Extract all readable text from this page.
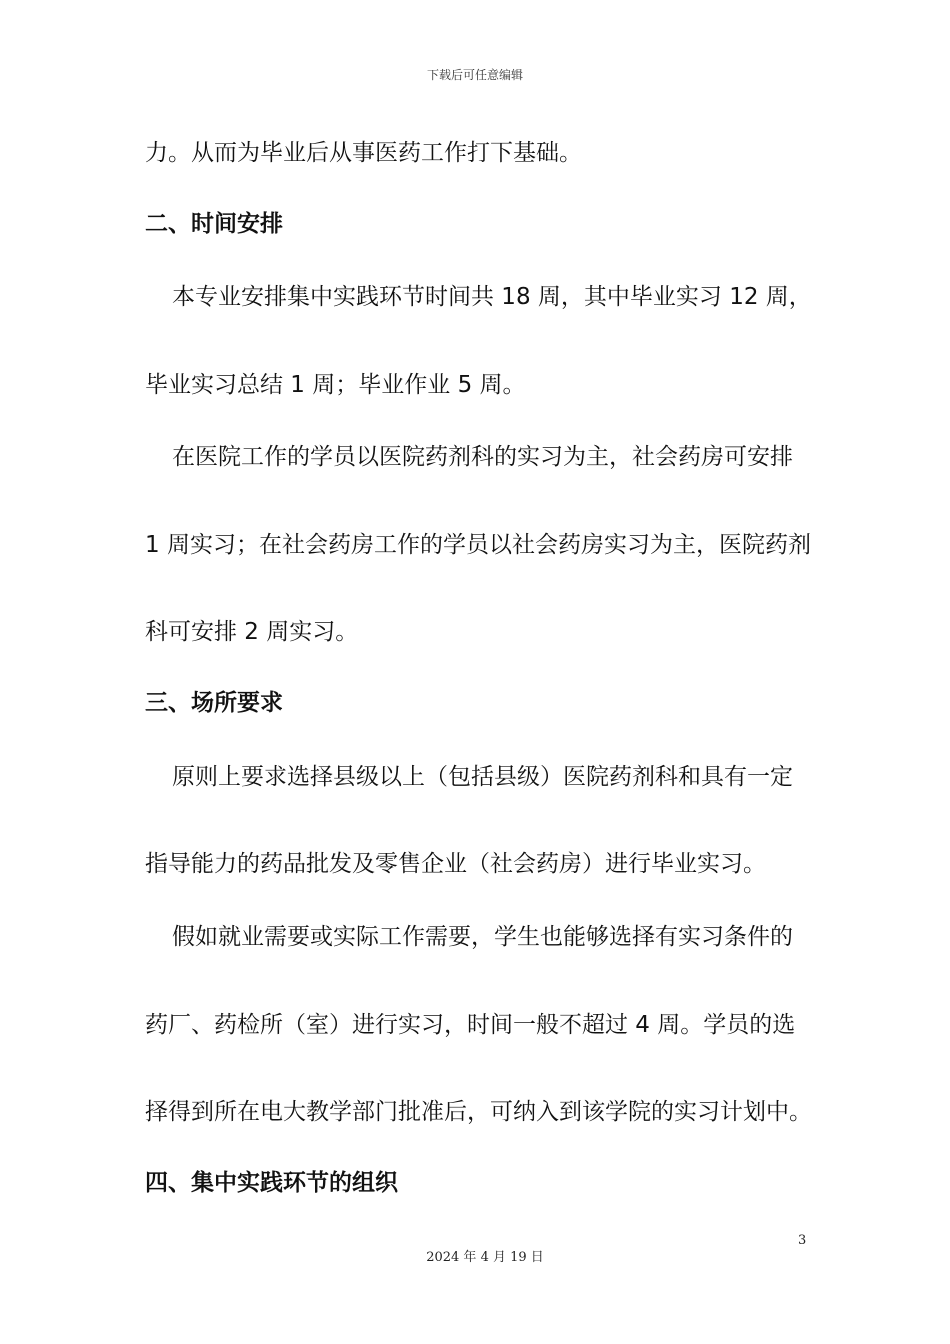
下载后可任意编辑
力。从而为毕业后从事医药工作打下基础。
二、时间安排
本专业安排集中实践环节时间共 18 周，其中毕业实习 12 周，
毕业实习总结 1 周；毕业作业 5 周。
在医院工作的学员以医院药剂科的实习为主，社会药房可安排
1 周实习；在社会药房工作的学员以社会药房实习为主，医院药剂
科可安排 2 周实习。
三、场所要求
原则上要求选择县级以上（包括县级）医院药剂科和具有一定
指导能力的药品批发及零售企业（社会药房）进行毕业实习。
假如就业需要或实际工作需要，学生也能够选择有实习条件的
药厂、药检所（室）进行实习，时间一般不超过 4 周。学员的选
择得到所在电大教学部门批准后，可纳入到该学院的实习计划中。
四、集中实践环节的组织
3
2024 年 4 月 19 日
